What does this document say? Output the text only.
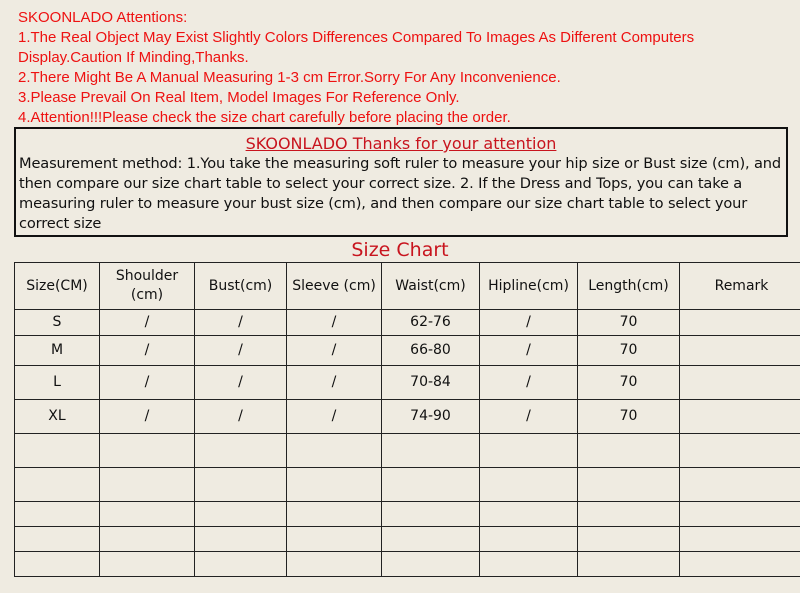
SKOONLADO Attentions:
1.The Real Object May Exist Slightly Colors Differences Compared To Images As Different Computers Display.Caution If Minding,Thanks.
2.There Might Be A Manual Measuring 1-3 cm Error.Sorry For Any Inconvenience.
3.Please Prevail On Real Item, Model Images For Reference Only.
4.Attention!!!Please check the size chart carefully before placing the order.
SKOONLADO Thanks for your attention
Measurement method: 1.You take the measuring soft ruler to measure your hip size or Bust size (cm), and then compare our size chart table to select your correct size. 2. If the Dress and Tops, you can take a measuring ruler to measure your bust size (cm), and then compare our size chart table to select your correct size
Size Chart
Size(CM)	Shoulder (cm)	Bust(cm)	Sleeve (cm)	Waist(cm)	Hipline(cm)	Length(cm)	Remark
S	/	/	/	62-76	/	70	
M	/	/	/	66-80	/	70	
L	/	/	/	70-84	/	70	
XL	/	/	/	74-90	/	70	
